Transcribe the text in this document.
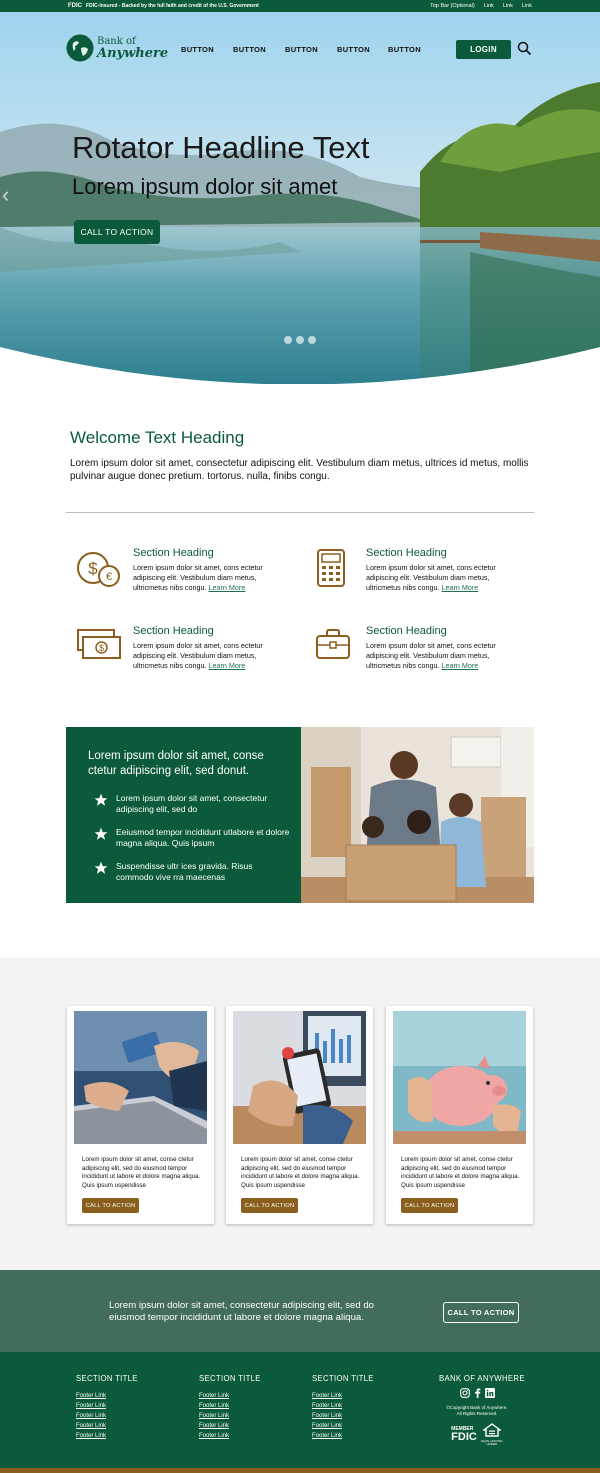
FDIC FDIC-Insured - Backed by the full faith and credit of the U.S. Government	Top Bar (Optional) Link Link Link
Bank of
Anywhere BUTTON	BUTTON	BUTTON	BUTTON BUTTON	LOGIN
‹
Rotator Headline Text
Lorem ipsum dolor sit amet
CALL TO ACTION
Welcome Text Heading

Lorem ipsum dolor sit amet, consectetur adipiscing elit. Vestibulum diam metus, ultrices id metus, mollis pulvinar augue donec pretium. tortorus. nulla, finibs congu.

$ €
Section Heading

Lorem ipsum dolor sit amet, cons ectetur adipiscing elit. Vestibulum diam metus, ultricmetus nibs congu. Learn More

Section Heading

Lorem ipsum dolor sit amet, cons ectetur adipiscing elit. Vestibulum diam metus, ultricmetus nibs congu. Learn More

$
Section Heading

Lorem ipsum dolor sit amet, cons ectetur adipiscing elit. Vestibulum diam metus, ultricmetus nibs congu. Learn More

Section Heading

Lorem ipsum dolor sit amet, cons ectetur adipiscing elit. Vestibulum diam metus, ultricmetus nibs congu. Learn More

Lorem ipsum dolor sit amet, conse ctetur adipiscing elit, sed donut.
Lorem ipsum dolor sit amet, consectetur adipiscing elit, sed do
Eeiusmod tempor incididunt utlabore et dolore magna aliqua. Quis ipsum
Suspendisse ultr ices gravida. Risus commodo vive rra maecenas

Lorem ipsum dolor sit amet, conse ctetur adipiscing elit, sed do eiusmod tempor incididunt ut labore et dolore magna aliqua. Quis ipsum uspendisse

CALL TO ACTION

Lorem ipsum dolor sit amet, conse ctetur adipiscing elit, sed do eiusmod tempor incididunt ut labore et dolore magna aliqua. Quis ipsum uspendisse

CALL TO ACTION

Lorem ipsum dolor sit amet, conse ctetur adipiscing elit, sed do eiusmod tempor incididunt ut labore et dolore magna aliqua. Quis ipsum uspendisse

CALL TO ACTION

Lorem ipsum dolor sit amet, consectetur adipiscing elit, sed do eiusmod tempor incididunt ut labore et dolore magna aliqua.	CALL TO ACTION
SECTION TITLE
Footer Link
Footer Link
Footer Link
Footer Link
Footer Link
SECTION TITLE
Footer Link
Footer Link
Footer Link
Footer Link
Footer Link
SECTION TITLE
Footer Link
Footer Link
Footer Link
Footer Link
Footer Link
BANK OF ANYWHERE
©Copyright Bank of Anywhere.
All Rights Reserved.
MEMBER
FDIC EQUAL HOUSING LENDER
